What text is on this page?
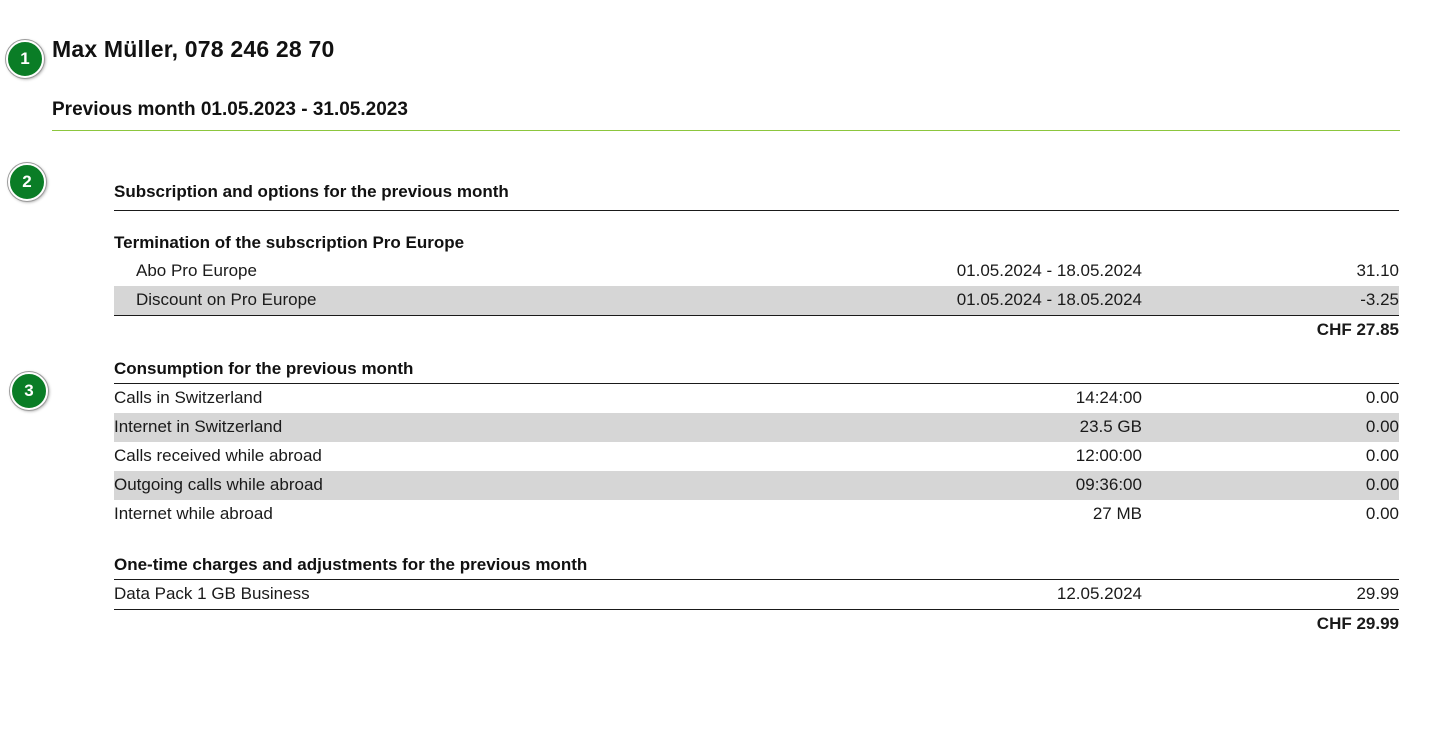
1
2
3
Max Müller, 078 246 28 70
Previous month 01.05.2023 - 31.05.2023
Subscription and options for the previous month
Termination of the subscription Pro Europe
Abo Pro Europe	01.05.2024 - 18.05.2024	31.10
Discount on Pro Europe	01.05.2024 - 18.05.2024	-3.25
		CHF 27.85
Consumption for the previous month
Calls in Switzerland	14:24:00	0.00
Internet in Switzerland	23.5 GB	0.00
Calls received while abroad	12:00:00	0.00
Outgoing calls while abroad	09:36:00	0.00
Internet while abroad	27 MB	0.00
One-time charges and adjustments for the previous month
Data Pack 1 GB Business	12.05.2024	29.99
		CHF 29.99
